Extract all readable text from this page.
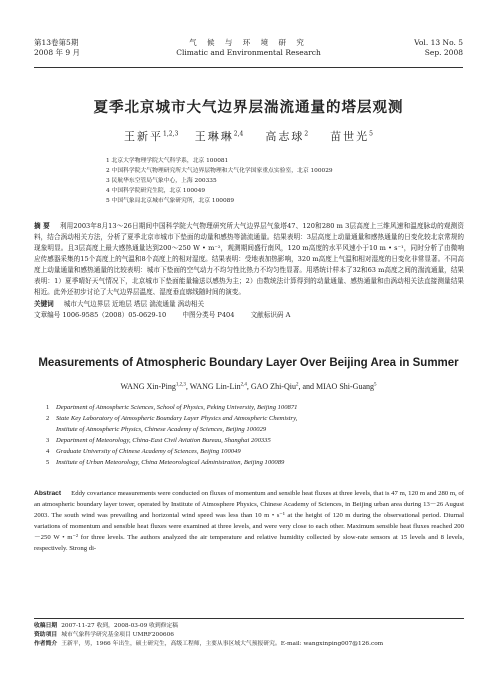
第13卷第5期
2008 年 9 月
气 候 与 环 境 研 究
Climatic and Environmental Research
Vol. 13 No. 5
Sep. 2008
夏季北京城市大气边界层湍流通量的塔层观测
王新平$^{1,2,3}$ 王琳琳$^{2,4}$ 高志球$^2$ 苗世光$^5$
1 北京大学物理学院大气科学系，北京 100081
2 中国科学院大气物理研究所大气边界层物理和大气化学国家重点实验室，北京 100029
3 民航华东空管局气象中心，上海 200335
4 中国科学院研究生院，北京 100049
5 中国气象局北京城市气象研究所，北京 100089
摘 要 利用2003年8月13～26日期间中国科学院大气物理研究所大气边界层气象塔47、120和280 m 3层高度上三维风速和温度脉动的观测资料，结合涡动相关方法，分析了夏季北京市城市下垫面的动量和感热等湍流通量。结果表明：3层高度上动量通量和感热通量的日变化较北京常规的现象明显。且3层高度上最大感热通量达到200～250 W • m⁻²，观测期间盛行南风，120 m高度的水平风速小于10 m • s⁻¹，同时分析了由微响应传感器采集的15个高度上的气温和8个高度上的相对湿度。结果表明：受地表加热影响，320 m高度上气温和相对湿度的日变化非常显著。不同高度上动量通量和感热通量的比较表明：城市下垫面的空气动力不均匀性比热力不均匀性显著。用塔统计样本了32和63 m高度之间的湍流通量，结果表明：1）夏季晴好天气情况下，北京城市下垫面能量输送以感热为主；2）由数统法计算得到的动量通量、感热通量和由涡动相关法直接测量结果相近。此外还初步讨论了大气边界层温度、湿度垂直廓线随时间的演变。
关键词 城市大气边界层 近地层 塔层 湍流通量 涡动相关
文章编号 1006-9585（2008）05-0629-10 中图分类号 P404 文献标识码 A
Measurements of Atmospheric Boundary Layer Over Beijing Area in Summer
WANG Xin-Ping$^{1,2,3}$, WANG Lin-Lin$^{2,4}$, GAO Zhi-Qiu$^2$, and MIAO Shi-Guang$^5$
1 Department of Atmospheric Sciences, School of Physics, Peking University, Beijing 100871
2 State Key Laboratory of Atmospheric Boundary Layer Physics and Atmospheric Chemistry,
Institute of Atmospheric Physics, Chinese Academy of Sciences, Beijing 100029
3 Department of Meteorology, China-East Civil Aviation Bureau, Shanghai 200335
4 Graduate University of Chinese Academy of Sciences, Beijing 100049
5 Institute of Urban Meteorology, China Meteorological Administration, Beijing 100089
Abstract Eddy covariance measurements were conducted on fluxes of momentum and sensible heat fluxes at three levels, that is 47 m, 120 m and 280 m, of an atmospheric boundary layer tower, operated by Institute of Atmosphere Physics, Chinese Academy of Sciences, in Beijing urban area during 13－26 August 2003. The south wind was prevailing and horizontal wind speed was less than 10 m • s⁻¹ at the height of 120 m during the observational period. Diurnal variations of momentum and sensible heat fluxes were examined at three levels, and were very close to each other. Maximum sensible heat fluxes reached 200－250 W • m⁻² for three levels. The authors analyzed the air temperature and relative humidity collected by slow-rate sensors at 15 levels and 8 levels, respectively. Strong di-
收稿日期 2007-11-27 收到，2008-03-09 收到修定稿
资助项目 城市气象科学研究基金项目 UMRF200606
作者简介 王新平，男，1966 年出生，硕士研究生，高级工程师，主要从事区域大气预报研究。E-mail: wangxinping007@126.com
